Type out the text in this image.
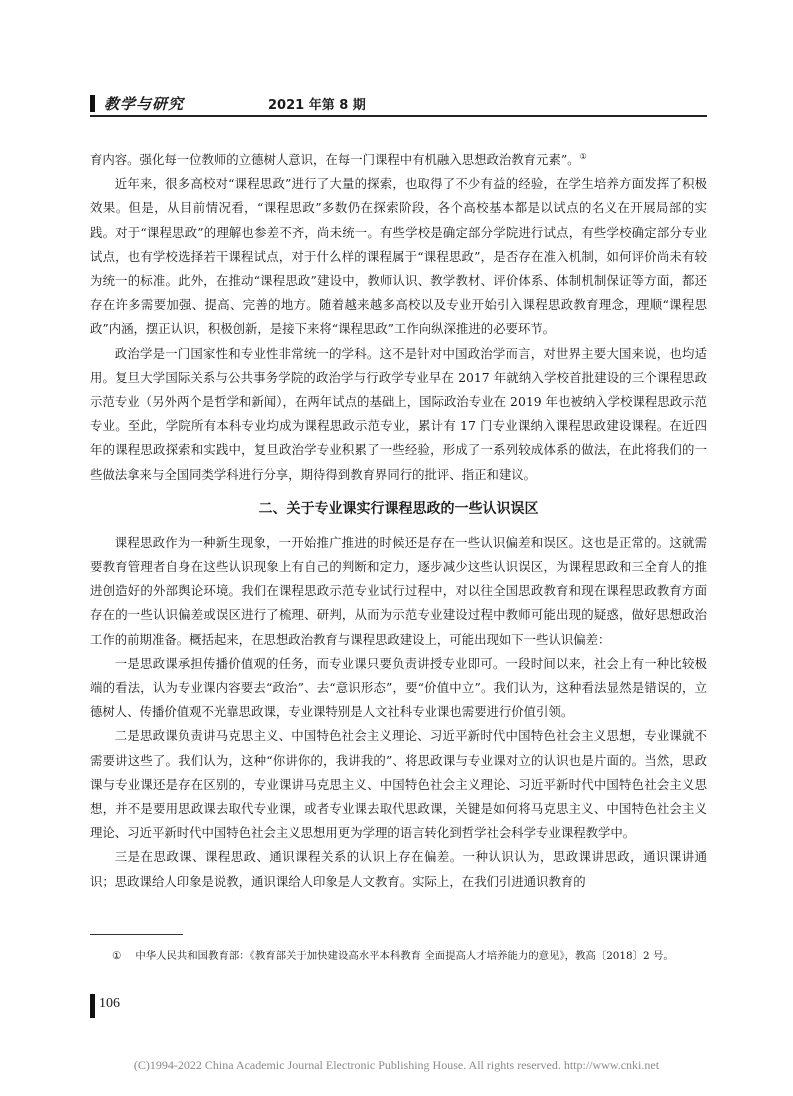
教学与研究	2021 年第 8 期

育内容。强化每一位教师的立德树人意识，在每一门课程中有机融入思想政治教育元素”。①

近年来，很多高校对“课程思政”进行了大量的探索，也取得了不少有益的经验，在学生培养方面发挥了积极效果。但是，从目前情况看，“课程思政”多数仍在探索阶段，各个高校基本都是以试点的名义在开展局部的实践。对于“课程思政”的理解也参差不齐，尚未统一。有些学校是确定部分学院进行试点，有些学校确定部分专业试点，也有学校选择若干课程试点，对于什么样的课程属于“课程思政”，是否存在准入机制，如何评价尚未有较为统一的标准。此外，在推动“课程思政”建设中，教师认识、教学教材、评价体系、体制机制保证等方面，都还存在许多需要加强、提高、完善的地方。随着越来越多高校以及专业开始引入课程思政教育理念，理顺“课程思政”内涵，摆正认识，积极创新，是接下来将“课程思政”工作向纵深推进的必要环节。

政治学是一门国家性和专业性非常统一的学科。这不是针对中国政治学而言，对世界主要大国来说，也均适用。复旦大学国际关系与公共事务学院的政治学与行政学专业早在 2017 年就纳入学校首批建设的三个课程思政示范专业（另外两个是哲学和新闻），在两年试点的基础上，国际政治专业在 2019 年也被纳入学校课程思政示范专业。至此，学院所有本科专业均成为课程思政示范专业，累计有 17 门专业课纳入课程思政建设课程。在近四年的课程思政探索和实践中，复旦政治学专业积累了一些经验，形成了一系列较成体系的做法，在此将我们的一些做法拿来与全国同类学科进行分享，期待得到教育界同行的批评、指正和建议。

二、关于专业课实行课程思政的一些认识误区

课程思政作为一种新生现象，一开始推广推进的时候还是存在一些认识偏差和误区。这也是正常的。这就需要教育管理者自身在这些认识现象上有自己的判断和定力，逐步减少这些认识误区，为课程思政和三全育人的推进创造好的外部舆论环境。我们在课程思政示范专业试行过程中，对以往全国思政教育和现在课程思政教育方面存在的一些认识偏差或误区进行了梳理、研判，从而为示范专业建设过程中教师可能出现的疑惑，做好思想政治工作的前期准备。概括起来，在思想政治教育与课程思政建设上，可能出现如下一些认识偏差：

一是思政课承担传播价值观的任务，而专业课只要负责讲授专业即可。一段时间以来，社会上有一种比较极端的看法，认为专业课内容要去“政治”、去“意识形态”，要“价值中立”。我们认为，这种看法显然是错误的，立德树人、传播价值观不光靠思政课，专业课特别是人文社科专业课也需要进行价值引领。

二是思政课负责讲马克思主义、中国特色社会主义理论、习近平新时代中国特色社会主义思想，专业课就不需要讲这些了。我们认为，这种“你讲你的，我讲我的”、将思政课与专业课对立的认识也是片面的。当然，思政课与专业课还是存在区别的，专业课讲马克思主义、中国特色社会主义理论、习近平新时代中国特色社会主义思想，并不是要用思政课去取代专业课，或者专业课去取代思政课，关键是如何将马克思主义、中国特色社会主义理论、习近平新时代中国特色社会主义思想用更为学理的语言转化到哲学社会科学专业课程教学中。

三是在思政课、课程思政、通识课程关系的认识上存在偏差。一种认识认为，思政课讲思政，通识课讲通识；思政课给人印象是说教，通识课给人印象是人文教育。实际上，在我们引进通识教育的

① 中华人民共和国教育部：《教育部关于加快建设高水平本科教育 全面提高人才培养能力的意见》，教高〔2018〕2 号。
106
(C)1994-2022 China Academic Journal Electronic Publishing House. All rights reserved. http://www.cnki.net
